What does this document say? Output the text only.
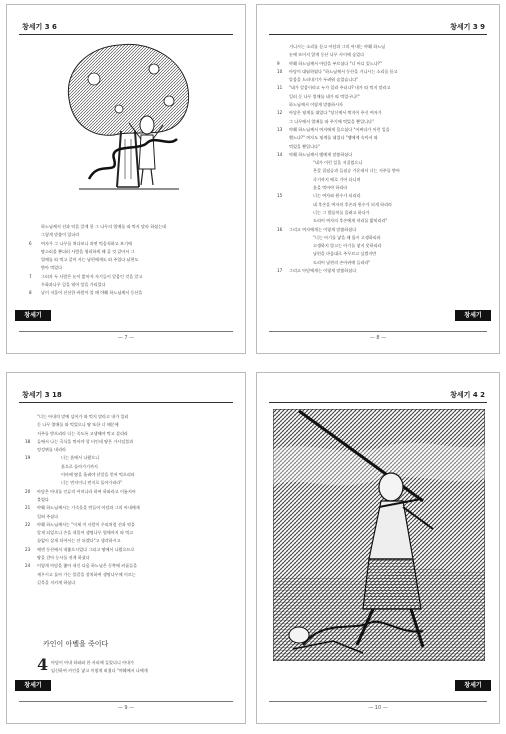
창세기 3 6
하느님께서 선과 악을 알게 한 그 나무의 열매를 따 먹지 말라 하셨는데
그렇게 말씀이 있더라
6 여자가 그 나무를 쳐다보니 과연 먹음직하고 보기에
탐스러울 뿐더러 사람을 영리하게 해 줄 것 같아서 그
열매를 따 먹고 같이 사는 남편에게도 따 주었다 남편도
받아 먹었다
7 그러자 두 사람은 눈이 밝아져 자기들이 알몸인 것을 알고
무화과나무 잎을 엮어 앞을 가리었다
8 날이 저물어 선선한 바람이 불 때 야훼 하느님께서 동산을
창세기
— 7 —
창세기 3 9
거니시는 소리를 듣고 아담과 그의 아내는 야훼 하느님
눈에 뜨이지 않게 동산 나무 사이에 숨었다
9 야훼 하느님께서 아담을 부르셨다 "너 어디 있느냐?"
10 아담이 대답하였다 "하느님께서 동산을 거니시는 소리를 듣고
알몸을 드러내기가 두려워 숨었습니다"
11 "네가 알몸이라고 누가 일러 주더냐? 내가 따 먹지 말라고
일러 둔 나무 열매를 네가 따 먹었구나!"
하느님께서 이렇게 말씀하시자
12 아담은 핑계를 대었다 "당신께서 짝지어 주신 여자가
그 나무에서 열매를 따 주기에 먹었을 뿐입니다"
13 야훼 하느님께서 여자에게 물으셨다 "어쩌다가 이런 일을
했느냐?" 여자도 핑계를 대었다 "뱀에게 속아서 따
먹었을 뿐입니다"
14 야훼 하느님께서 뱀에게 말씀하셨다
"네가 이런 일을 저질렀으니
온갖 집짐승과 들짐승 가운데서 너는 저주를 받아
죽기까지 배로 기어 다니며
흙을 먹어야 하리라
15	너는 여자와 원수가 되리라
네 후손을 여자의 후손과 원수가 되게 하리라
너는 그 발꿈치를 물려고 하다가
도리어 여자의 후손에게 머리를 밟히리라"
16 그리고 여자에게는 이렇게 말씀하셨다
"너는 아기를 낳을 때 몹시 고생하리라
고생하지 않고는 아기를 낳지 못하리라
남편을 마음대로 주무르고 싶겠지만
도리어 남편의 손아귀에 들리라"
17 그리고 아담에게는 이렇게 말씀하셨다
창세기
— 8 —
창세기 3 18
"너는 아내의 말에 넘어가 따 먹지 말라고 내가 일러
둔 나무 열매를 따 먹었으니 땅 또한 너 때문에
저주를 받으리라 너는 죽도록 고생해야 먹고 살리라
18 들에서 나는 곡식을 먹어야 할 터인데 땅은 가시덤불과
엉겅퀴를 내리라
19	너는 흙에서 나왔으니
흙으로 돌아가기까지
이마에 땀을 흘려야 낟알을 얻어 먹으리라
너는 먼지이니 먼지로 돌아가리라"
20 아담은 아내를 인류의 어머니라 하여 하와라고 이름지어
불렀다
21 야훼 하느님께서는 가죽옷을 만들어 아담과 그의 아내에게
입혀 주셨다
22 야훼 하느님께서는 "이제 이 사람이 우리처럼 선과 악을
알게 되었으니 손을 내밀어 생명나무 열매까지 따 먹고
끝없이 살게 되어서는 안 되겠다"고 생각하시고
23 에덴 동산에서 내쫓으시었다 그리고 땅에서 나왔으므로
땅을 갈아 농사를 짓게 하셨다
24 이렇게 아담을 쫓아 내신 다음 하느님은 동쪽에 커룹들을
세우시고 돌아 가는 불칼을 장치하여 생명나무에 이르는
길목을 지키게 하셨다
카인이 아벨을 죽이다
4 아담이 아내 하와와 한 자리에 들었더니 아내가
임신하여 카인을 낳고 이렇게 외쳤다 "야훼께서 나에게
창세기
— 9 —
창세기 4 2
창세기
— 10 —
